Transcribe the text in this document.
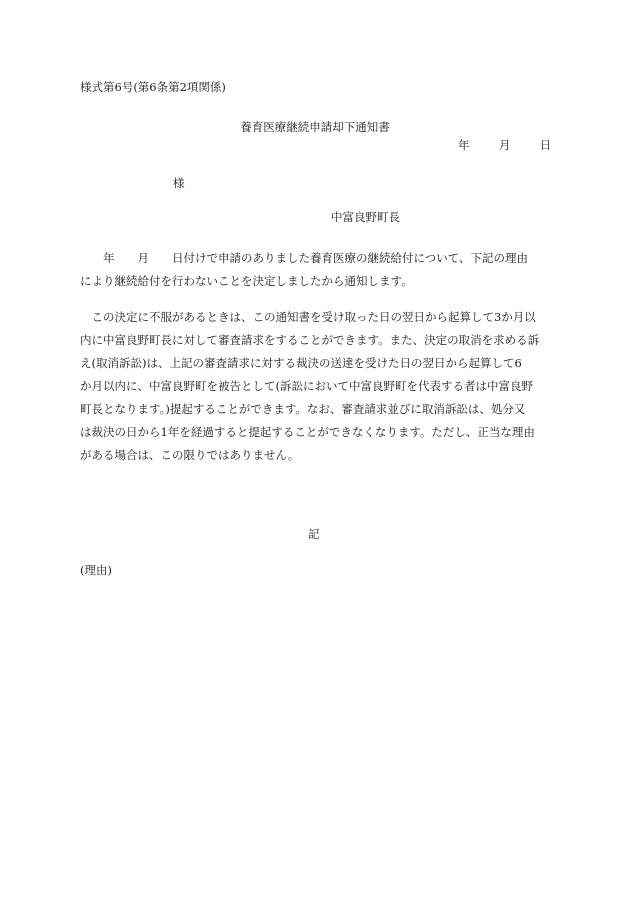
様式第6号(第6条第2項関係)
養育医療継続申請却下通知書
年	月	日
様
中富良野町長
　　年　　月　　日付けで申請のありました養育医療の継続給付について、下記の理由
により継続給付を行わないことを決定しましたから通知します。
　この決定に不服があるときは、この通知書を受け取った日の翌日から起算して3か月以
内に中富良野町長に対して審査請求をすることができます。また、決定の取消を求める訴
え(取消訴訟)は、上記の審査請求に対する裁決の送達を受けた日の翌日から起算して6
か月以内に、中富良野町を被告として(訴訟において中富良野町を代表する者は中富良野
町長となります。)提起することができます。なお、審査請求並びに取消訴訟は、処分又
は裁決の日から1年を経過すると提起することができなくなります。ただし、正当な理由
がある場合は、この限りではありません。
記
(理由)
